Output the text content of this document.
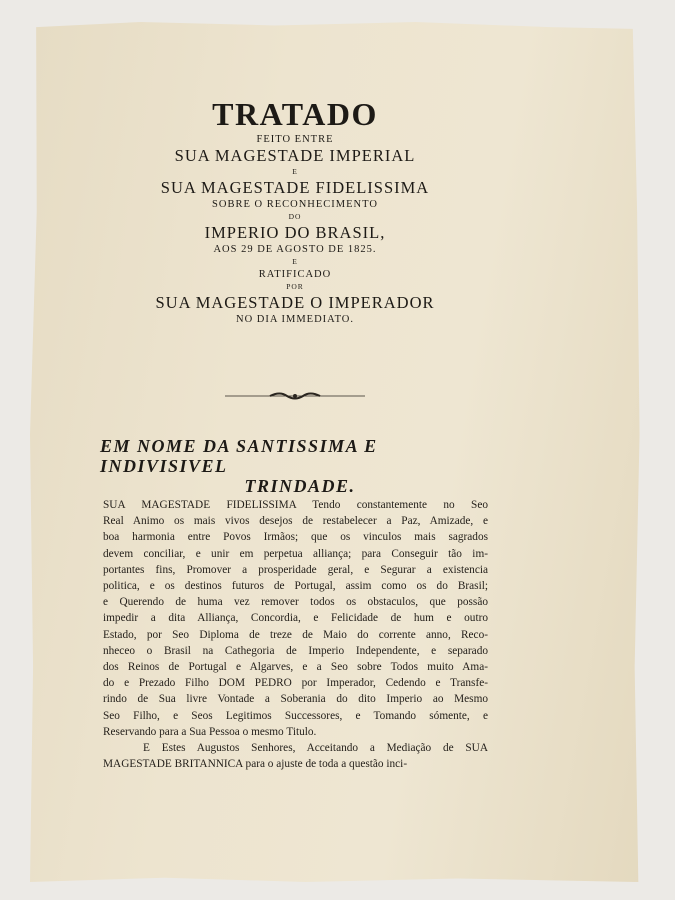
TRATADO
FEITO ENTRE
SUA MAGESTADE IMPERIAL
E
SUA MAGESTADE FIDELISSIMA
SOBRE O RECONHECIMENTO
DO
IMPERIO DO BRASIL,
AOS 29 DE AGOSTO DE 1825.
E
RATIFICADO
POR
SUA MAGESTADE O IMPERADOR
NO DIA IMMEDIATO.
EM NOME DA SANTISSIMA E INDIVISIVEL
TRINDADE.
SUA MAGESTADE FIDELISSIMA Tendo constantemente no Seo
Real Animo os mais vivos desejos de restabelecer a Paz, Amizade, e
boa harmonia entre Povos Irmãos; que os vinculos mais sagrados
devem conciliar, e unir em perpetua alliança; para Conseguir tão im-
portantes fins, Promover a prosperidade geral, e Segurar a existencia
politica, e os destinos futuros de Portugal, assim como os do Brasil;
e Querendo de huma vez remover todos os obstaculos, que possão
impedir a dita Alliança, Concordia, e Felicidade de hum e outro
Estado, por Seo Diploma de treze de Maio do corrente anno, Reco-
nheceo o Brasil na Cathegoria de Imperio Independente, e separado
dos Reinos de Portugal e Algarves, e a Seo sobre Todos muito Ama-
do e Prezado Filho DOM PEDRO por Imperador, Cedendo e Transfe-
rindo de Sua livre Vontade a Soberania do dito Imperio ao Mesmo
Seo Filho, e Seos Legitimos Successores, e Tomando sómente, e
Reservando para a Sua Pessoa o mesmo Titulo.
E Estes Augustos Senhores, Acceitando a Mediação de SUA
MAGESTADE BRITANNICA para o ajuste de toda a questão inci-
